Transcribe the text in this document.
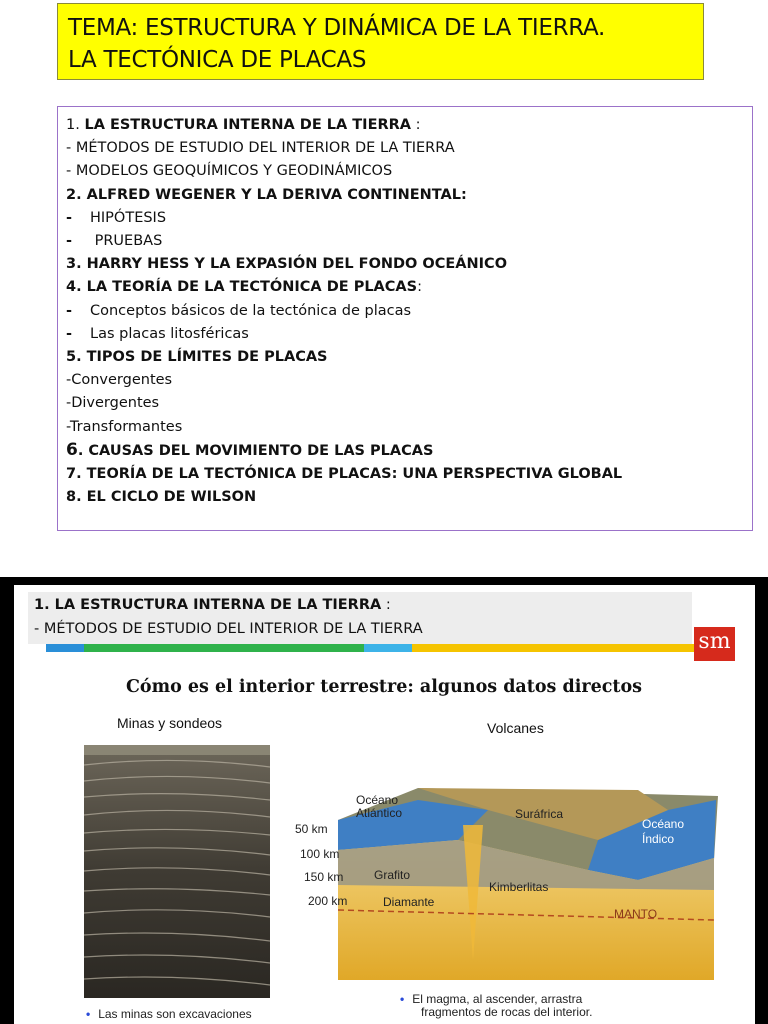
TEMA: ESTRUCTURA Y DINÁMICA DE LA TIERRA.
LA TECTÓNICA DE PLACAS
1. LA ESTRUCTURA INTERNA DE LA TIERRA :
- MÉTODOS DE ESTUDIO DEL INTERIOR DE LA TIERRA
- MODELOS GEOQUÍMICOS Y GEODINÁMICOS
2. ALFRED WEGENER Y LA DERIVA CONTINENTAL:
- HIPÓTESIS
- PRUEBAS
3. HARRY HESS Y LA EXPASIÓN DEL FONDO OCEÁNICO
4. LA TEORÍA DE LA TECTÓNICA DE PLACAS:
- Conceptos básicos de la tectónica de placas
- Las placas litosféricas
5. TIPOS DE LÍMITES DE PLACAS
-Convergentes
-Divergentes
-Transformantes
6. CAUSAS DEL MOVIMIENTO DE LAS PLACAS
7. TEORÍA DE LA TECTÓNICA DE PLACAS: UNA PERSPECTIVA GLOBAL
8. EL CICLO DE WILSON
sm
1. LA ESTRUCTURA INTERNA DE LA TIERRA :
- MÉTODOS DE ESTUDIO DEL INTERIOR DE LA TIERRA
Cómo es el interior terrestre: algunos datos directos
Minas y sondeos	Volcanes
Océano
Atlántico	Suráfrica
Océano
Índico
50 km
100 km
150 km
200 km
Grafito
Kimberlitas
Diamante
MANTO
• Las minas son excavaciones
• El magma, al ascender, arrastra
fragmentos de rocas del interior.
